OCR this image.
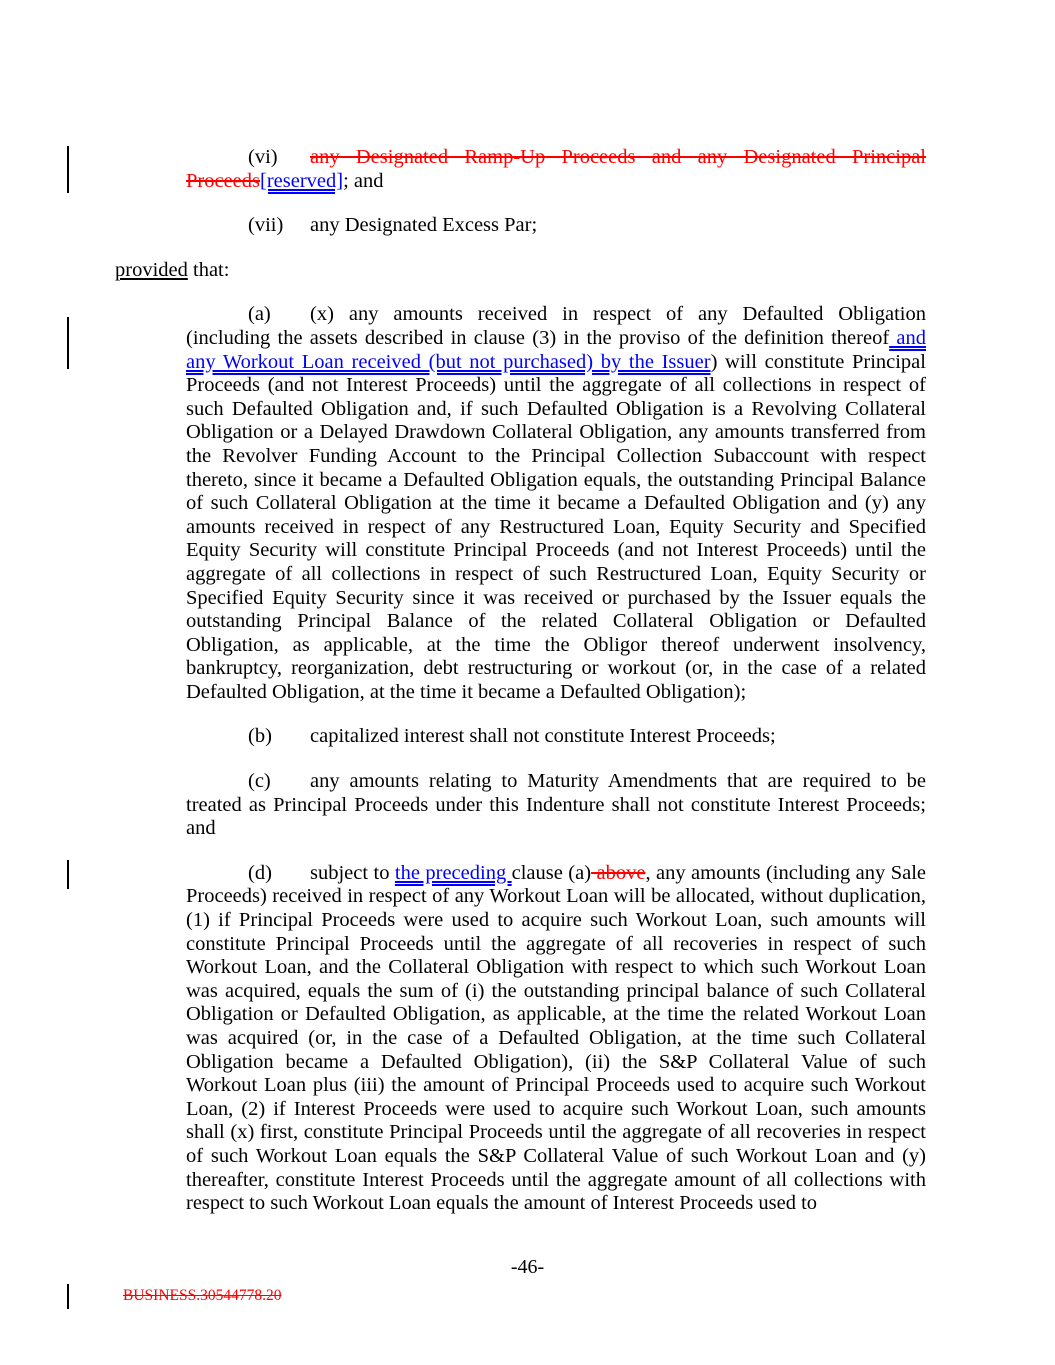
(vi) any Designated Ramp-Up Proceeds and any Designated Principal Proceeds[reserved]; and

(vii) any Designated Excess Par;

provided that:

(a) (x) any amounts received in respect of any Defaulted Obligation (including the assets described in clause (3) in the proviso of the definition thereof and any Workout Loan received (but not purchased) by the Issuer) will constitute Principal Proceeds (and not Interest Proceeds) until the aggregate of all collections in respect of such Defaulted Obligation and, if such Defaulted Obligation is a Revolving Collateral Obligation or a Delayed Drawdown Collateral Obligation, any amounts transferred from the Revolver Funding Account to the Principal Collection Subaccount with respect thereto, since it became a Defaulted Obligation equals, the outstanding Principal Balance of such Collateral Obligation at the time it became a Defaulted Obligation and (y) any amounts received in respect of any Restructured Loan, Equity Security and Specified Equity Security will constitute Principal Proceeds (and not Interest Proceeds) until the aggregate of all collections in respect of such Restructured Loan, Equity Security or Specified Equity Security since it was received or purchased by the Issuer equals the outstanding Principal Balance of the related Collateral Obligation or Defaulted Obligation, as applicable, at the time the Obligor thereof underwent insolvency, bankruptcy, reorganization, debt restructuring or workout (or, in the case of a related Defaulted Obligation, at the time it became a Defaulted Obligation);

(b) capitalized interest shall not constitute Interest Proceeds;

(c) any amounts relating to Maturity Amendments that are required to be treated as Principal Proceeds under this Indenture shall not constitute Interest Proceeds; and

(d) subject to the preceding clause (a) above, any amounts (including any Sale Proceeds) received in respect of any Workout Loan will be allocated, without duplication, (1) if Principal Proceeds were used to acquire such Workout Loan, such amounts will constitute Principal Proceeds until the aggregate of all recoveries in respect of such Workout Loan, and the Collateral Obligation with respect to which such Workout Loan was acquired, equals the sum of (i) the outstanding principal balance of such Collateral Obligation or Defaulted Obligation, as applicable, at the time the related Workout Loan was acquired (or, in the case of a Defaulted Obligation, at the time such Collateral Obligation became a Defaulted Obligation), (ii) the S&P Collateral Value of such Workout Loan plus (iii) the amount of Principal Proceeds used to acquire such Workout Loan, (2) if Interest Proceeds were used to acquire such Workout Loan, such amounts shall (x) first, constitute Principal Proceeds until the aggregate of all recoveries in respect of such Workout Loan equals the S&P Collateral Value of such Workout Loan and (y) thereafter, constitute Interest Proceeds until the aggregate amount of all collections with respect to such Workout Loan equals the amount of Interest Proceeds used to

-46-
BUSINESS.30544778.20
